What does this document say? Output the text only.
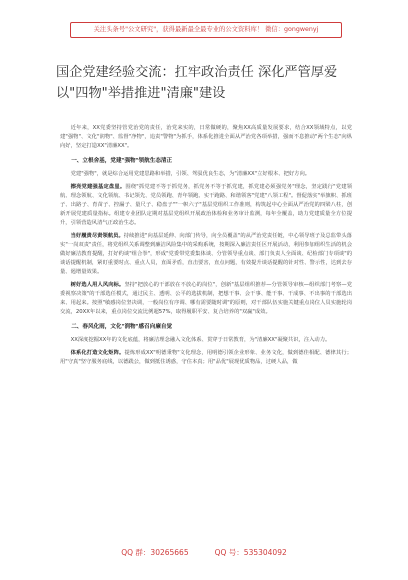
关注头条号"公文研究"，获得最新最全最专业的公文资料库！ 微信：gongwenyj
国企党建经验交流：扛牢政治责任 深化严管厚爱 以"四物"举措推进"清廉"建设

近年来，XX党委坚持管党治党的责任，治党来实的，日常做硬的，聚焦XX高质量发展要求，结合XX领域特点，以党建"强物"、文化"润物"、监督"净物"，追责"警物"为抓手，体系化推进全面从严治党各项举措，强而不息推动"两个生态"向纵向好，坚定打造XX"清廉XX"。

一、立根舍基，党建"强物"领航生态清正

党建"强物"，就是综合运用党建思路和举措，引领、驾驭优良生态，为"清廉XX"立好根本、把好方向。

擦亮党建强基定盘星。围绕"抓党建不等于抓党务，抓党务不等于抓党建，抓党建必须强党务"理念，坚定践行"党建领航、理念领航、文化领航、书记领先、党员领跑、青年领跑、实干跑路、和谐领客"党建"八领工程"。督促落实"举旗帜、抓班子、出路子、育苗子、控漏子、量尺子、稳盘子""一帜六子"基层党组织工作准则，构筑起中心全面从严治党的四梁八柱，创新开展党建质量指标。组建专业团队定期对基层党组织开展政治体检和业务审计监测，每年全覆盖，助力党建质量全方位提升，引领营造风清气正政治生态。

当好履责尽责领航员。持续推进"向基层延伸、向部门传导，向全员覆盖"的从严治党责任链，中心领导班子及总监带头落实"一岗双责"责任，将党组织关系调整到廉洁风险集中的采购系统，按期深入廉洁责任区开展活动，利用参加组织生活的机会做好廉洁教育提醒，打好约谈"组合拳"，形成"党委带党委集体谈、分管领导重点谈、部门负责人全面谈、纪检部门专项谈"的谈话提醒机制，紧盯重要时点、重点人员，直面矛盾，直击要害，直点问题，有效提升谈话提醒的针对性、警示性，达到去存量、遏增量效果。

树好选人用人风向标。坚持"把放心的干部放在不放心的岗位"，创新"基层组织推荐—分管领导审核—组织部门考察—党委视察决策"的干部选任模式，通过民主、透明、公平的选拔机制，把想干事、会干事、能干事、干成事、不出事的干部选出来、用起来。按照"敏感岗位坚决调，一般岗位有序调、哪有需要随时调"的原则，对干部队伍实施关键重点岗位人员实施轮岗交流，20XX年以来，重点岗位交流比例超57%，取得履职平安、复合培养的"双赢"成效。

二、春风化雨，文化"润物"感召向廉自觉

XX深度挖掘XX年的文化底蕴，将廉洁理念融入文化体系、贯穿于日常教育，为"清廉XX"凝聚共识，注入动力。

体系化打造文化矩阵。提炼形成XX"明德秉物"文化理念，用明德引领企业形象、业务文化，做到德佳相配、德律其行；用"守真"坚守服务底线，以德践公，做到抵住诱惑，守住本真；用"品优"展现优质物品，过硬人品，做

QQ 群：30265665	QQ 号：535304092
